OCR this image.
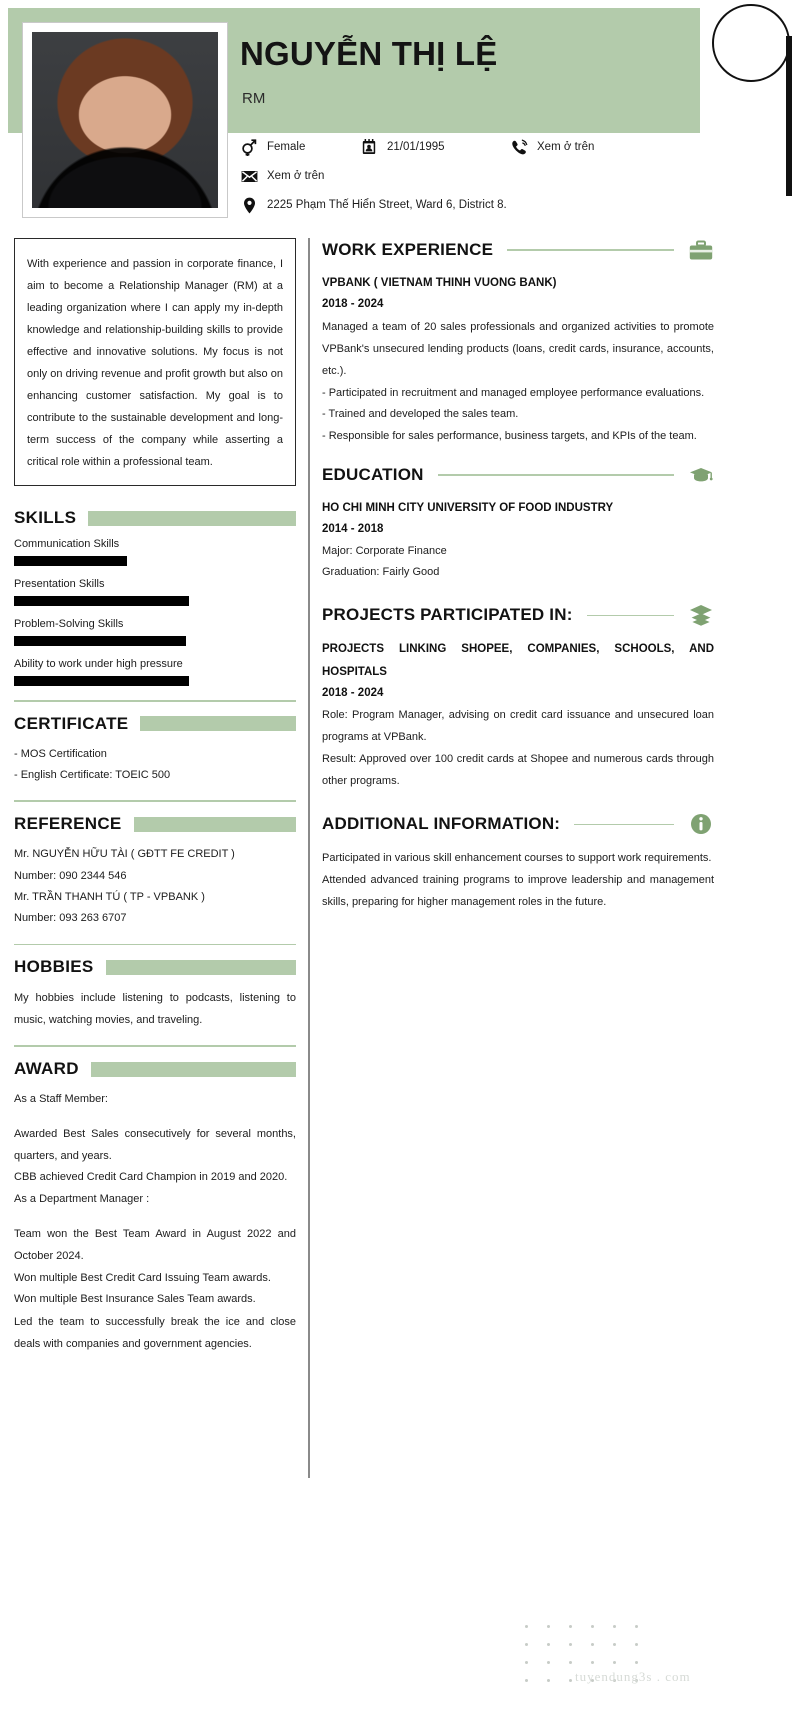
NGUYỄN THỊ LỆ
RM
Female	21/01/1995	Xem ở trên
Xem ở trên
2225 Phạm Thế Hiển Street, Ward 6, District 8.

With experience and passion in corporate finance, I aim to become a Relationship Manager (RM) at a leading organization where I can apply my in-depth knowledge and relationship-building skills to provide effective and innovative solutions. My focus is not only on driving revenue and profit growth but also on enhancing customer satisfaction. My goal is to contribute to the sustainable development and long-term success of the company while asserting a critical role within a professional team.

SKILLS
Communication Skills
Presentation Skills
Problem-Solving Skills
Ability to work under high pressure
CERTIFICATE
- MOS Certification
- English Certificate: TOEIC 500
REFERENCE
Mr. NGUYỄN HỮU TÀI ( GĐTT FE CREDIT )
Number: 090 2344 546
Mr. TRẦN THANH TÚ ( TP - VPBANK )
Number: 093 263 6707
HOBBIES
My hobbies include listening to podcasts, listening to music, watching movies, and traveling.
AWARD
As a Staff Member:
Awarded Best Sales consecutively for several months, quarters, and years.
CBB achieved Credit Card Champion in 2019 and 2020.
As a Department Manager :
Team won the Best Team Award in August 2022 and October 2024.
Won multiple Best Credit Card Issuing Team awards.
Won multiple Best Insurance Sales Team awards.
Led the team to successfully break the ice and close deals with companies and government agencies.
WORK EXPERIENCE
VPBANK ( VIETNAM THINH VUONG BANK)
2018 - 2024
Managed a team of 20 sales professionals and organized activities to promote VPBank's unsecured lending products (loans, credit cards, insurance, accounts, etc.).
- Participated in recruitment and managed employee performance evaluations.
- Trained and developed the sales team.
- Responsible for sales performance, business targets, and KPIs of the team.
EDUCATION
HO CHI MINH CITY UNIVERSITY OF FOOD INDUSTRY
2014 - 2018
Major: Corporate Finance
Graduation: Fairly Good
PROJECTS PARTICIPATED IN:
PROJECTS LINKING SHOPEE, COMPANIES, SCHOOLS, AND HOSPITALS
2018 - 2024
Role: Program Manager, advising on credit card issuance and unsecured loan programs at VPBank.
Result: Approved over 100 credit cards at Shopee and numerous cards through other programs.
ADDITIONAL INFORMATION:
Participated in various skill enhancement courses to support work requirements.
Attended advanced training programs to improve leadership and management skills, preparing for higher management roles in the future.
tuyendung3s . com
